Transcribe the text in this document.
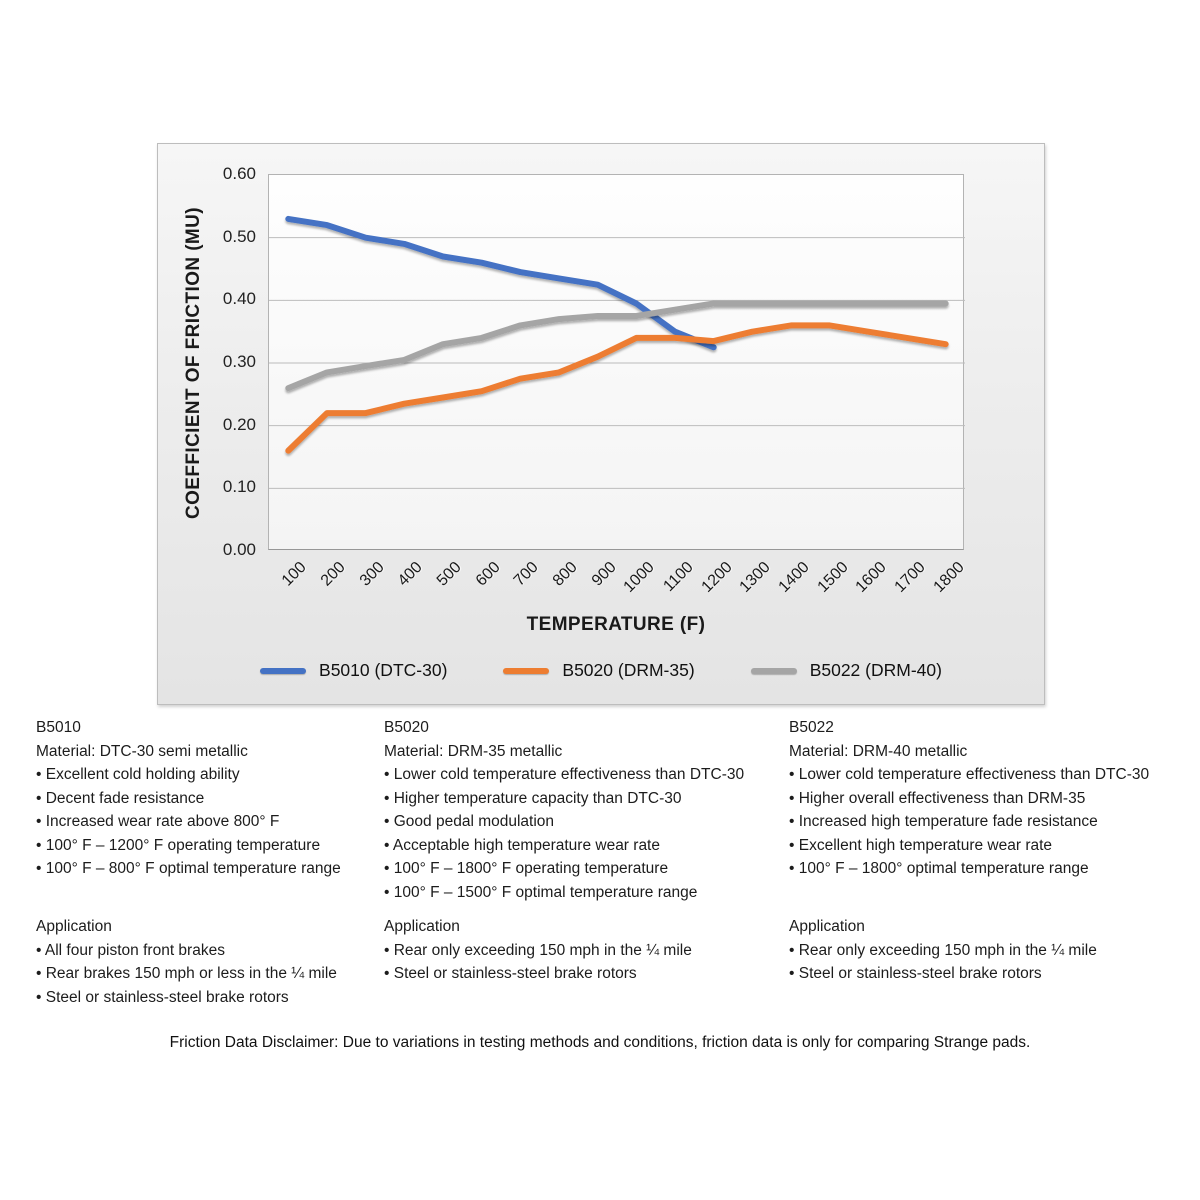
COEFFICIENT OF FRICTION (MU)
0.00
0.10
0.20
0.30
0.40
0.50
0.60
100 200 300 400 500 600 700 800 900 1000 1100 1200 1300 1400 1500 1600 1700 1800
TEMPERATURE (F)
B5010 (DTC-30)	B5020 (DRM-35)	B5022 (DRM-40)
B5010
Material: DTC-30 semi metallic
• Excellent cold holding ability
• Decent fade resistance
• Increased wear rate above 800° F
• 100° F – 1200° F operating temperature
• 100° F – 800° F optimal temperature range
Application
• All four piston front brakes
• Rear brakes 150 mph or less in the ¼ mile
• Steel or stainless-steel brake rotors
B5020
Material: DRM-35 metallic
• Lower cold temperature effectiveness than DTC-30
• Higher temperature capacity than DTC-30
• Good pedal modulation
• Acceptable high temperature wear rate
• 100° F – 1800° F operating temperature
• 100° F – 1500° F optimal temperature range
Application
• Rear only exceeding 150 mph in the ¼ mile
• Steel or stainless-steel brake rotors
B5022
Material: DRM-40 metallic
• Lower cold temperature effectiveness than DTC-30
• Higher overall effectiveness than DRM-35
• Increased high temperature fade resistance
• Excellent high temperature wear rate
• 100° F – 1800° optimal temperature range
Application
• Rear only exceeding 150 mph in the ¼ mile
• Steel or stainless-steel brake rotors
Friction Data Disclaimer: Due to variations in testing methods and conditions, friction data is only for comparing Strange pads.
